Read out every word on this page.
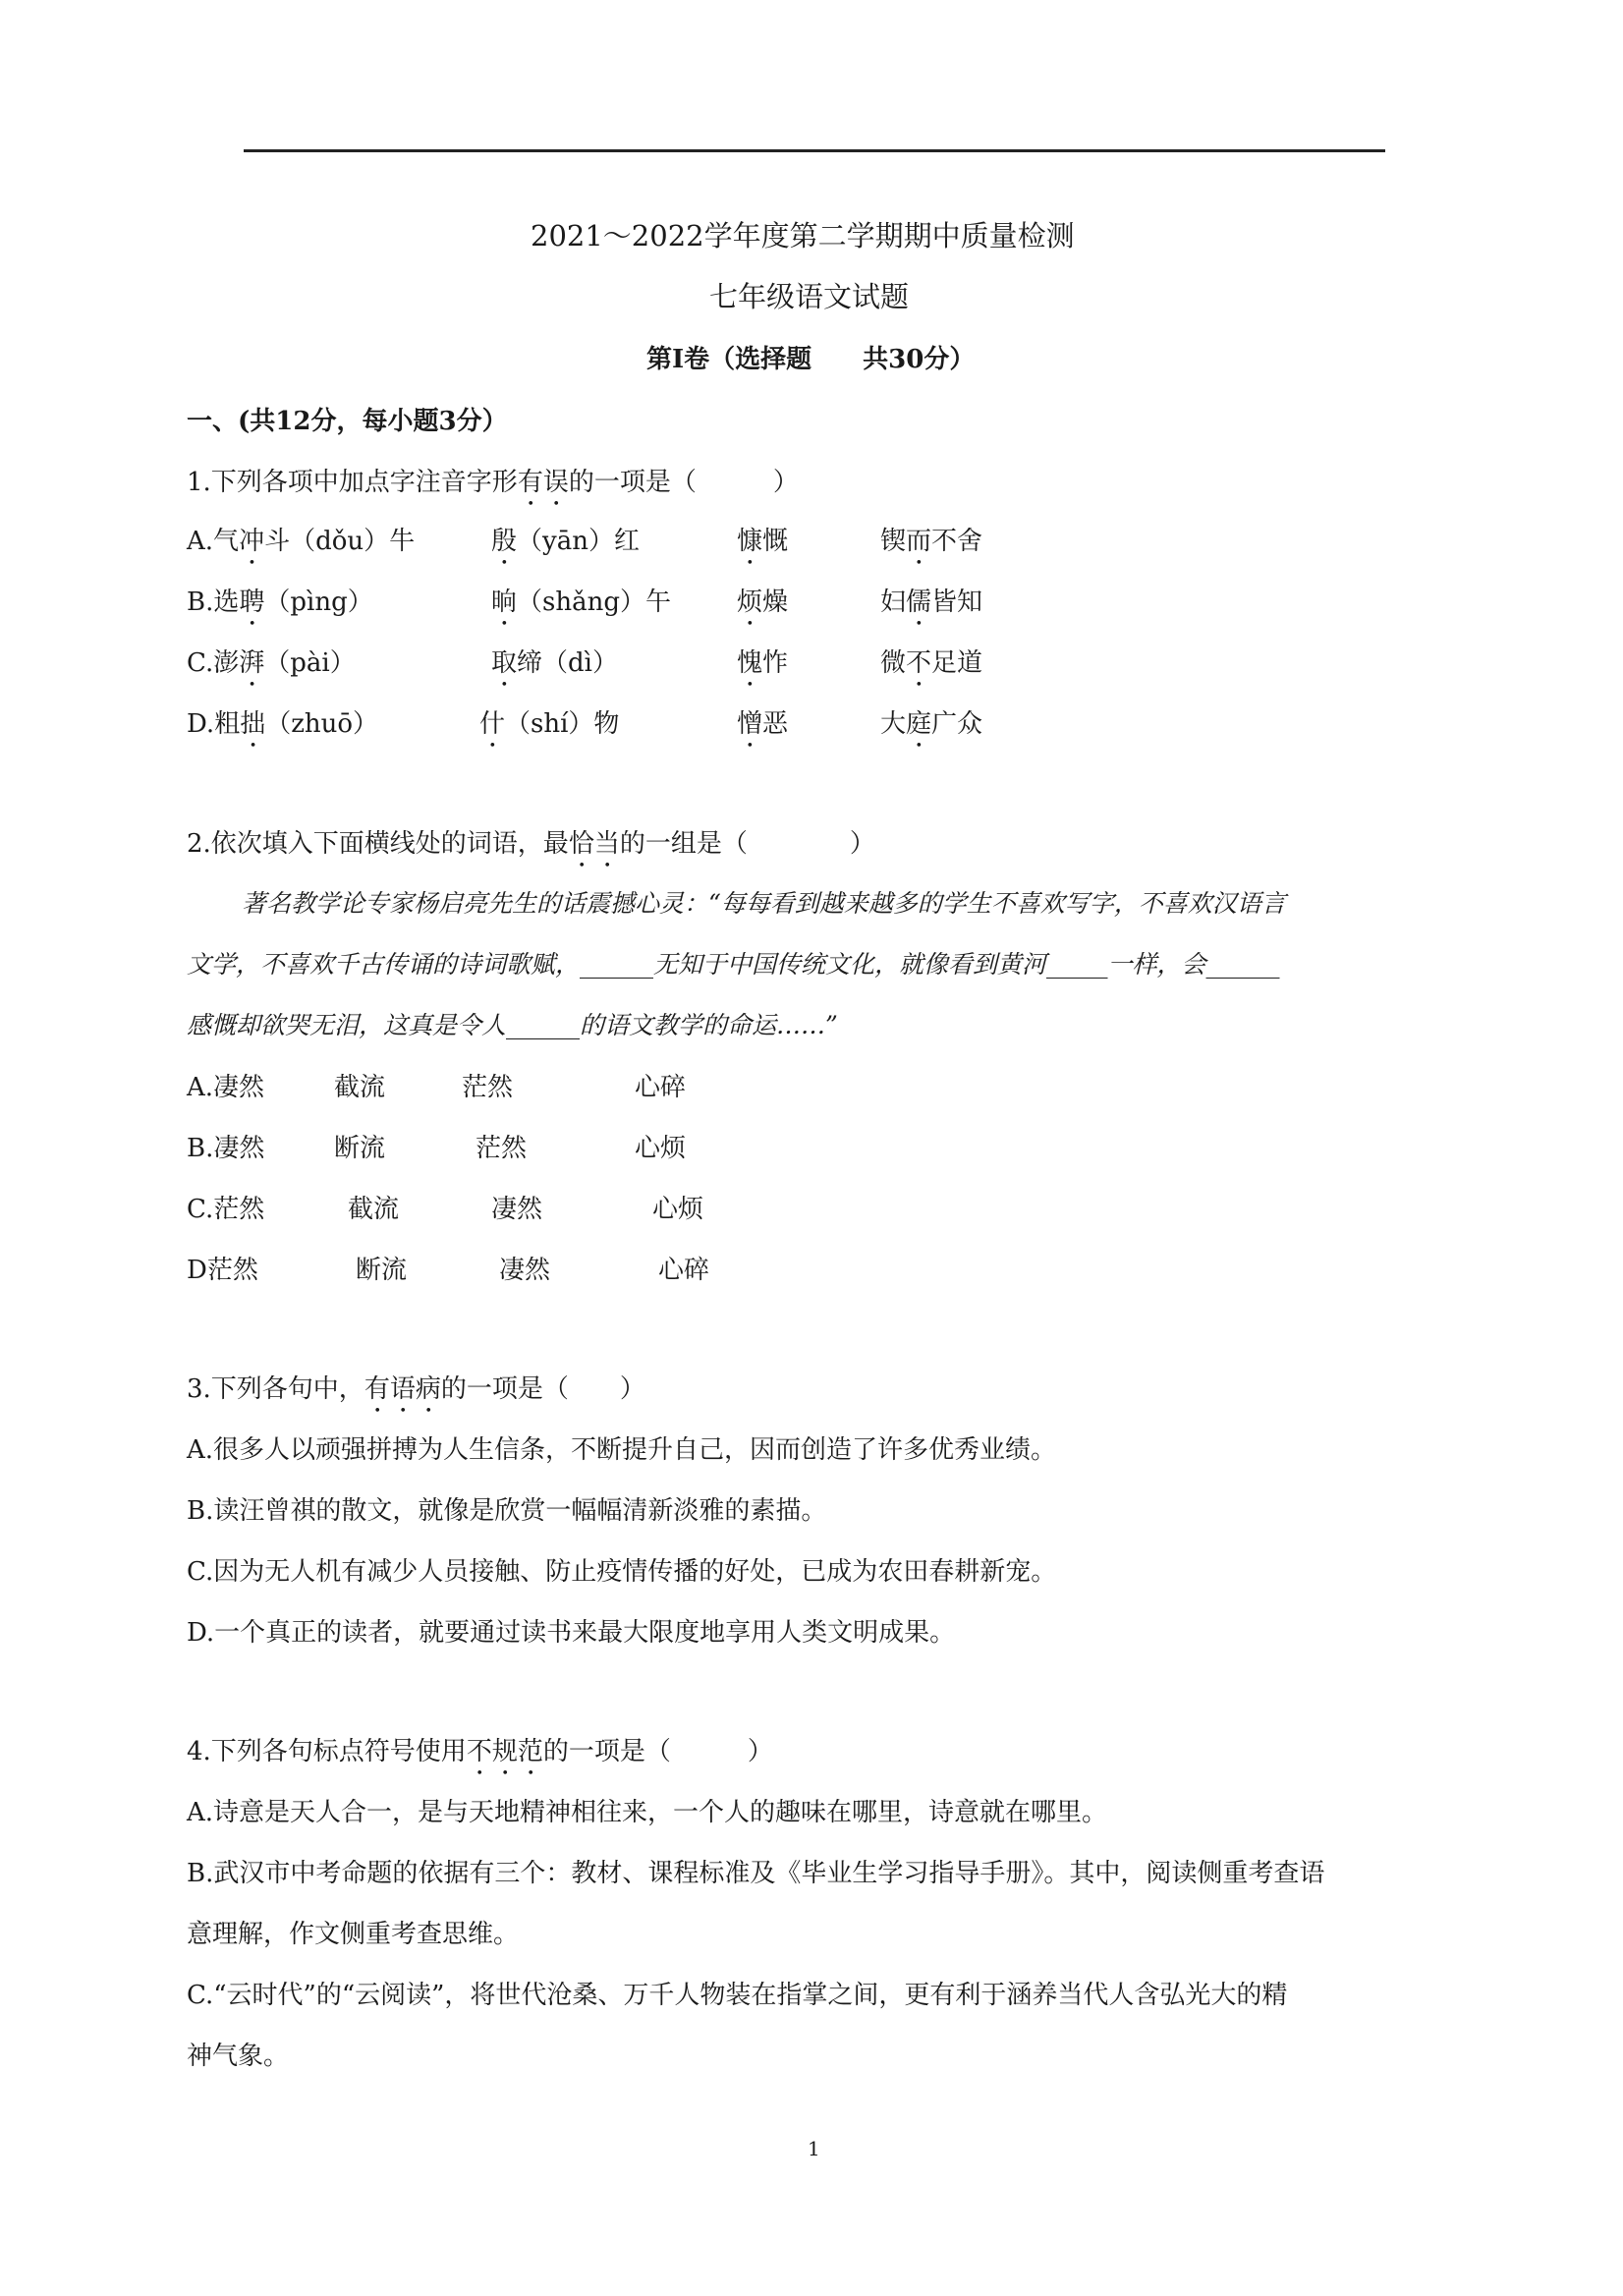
2021～2022学年度第二学期期中质量检测
七年级语文试题
第Ⅰ卷（选择题　　共30分）
一、(共12分，每小题3分）
1.下列各项中加点字注音字形有误的一项是（　　　）
A.气冲斗（dǒu）牛	殷（yān）红	慷慨	锲而不舍
B.选聘（pìng）	晌（shǎng）午	烦燥	妇儒皆知
C.澎湃（pài）	取缔（dì）	愧怍	微不足道
D.粗拙（zhuō）	什（shí）物	憎恶	大庭广众
2.依次填入下面横线处的词语，最恰当的一组是（　　　　）
著名教学论专家杨启亮先生的话震撼心灵：“每每看到越来越多的学生不喜欢写字，不喜欢汉语言
文学，不喜欢千古传诵的诗词歌赋，______无知于中国传统文化，就像看到黄河_____一样，会______
感慨却欲哭无泪，这真是令人______的语文教学的命运……”
A.凄然	截流	茫然	心碎
B.凄然	断流	茫然	心烦
C.茫然	截流	凄然	心烦
D茫然	断流	凄然	心碎
3.下列各句中，有语病的一项是（　　）
A.很多人以顽强拼搏为人生信条，不断提升自己，因而创造了许多优秀业绩。
B.读汪曾祺的散文，就像是欣赏一幅幅清新淡雅的素描。
C.因为无人机有减少人员接触、防止疫情传播的好处，已成为农田春耕新宠。
D.一个真正的读者，就要通过读书来最大限度地享用人类文明成果。
4.下列各句标点符号使用不规范的一项是（　　　）
A.诗意是天人合一，是与天地精神相往来，一个人的趣味在哪里，诗意就在哪里。
B.武汉市中考命题的依据有三个：教材、课程标准及《毕业生学习指导手册》。其中，阅读侧重考查语
意理解，作文侧重考查思维。
C.“云时代”的“云阅读”，将世代沧桑、万千人物装在指掌之间，更有利于涵养当代人含弘光大的精
神气象。
1
